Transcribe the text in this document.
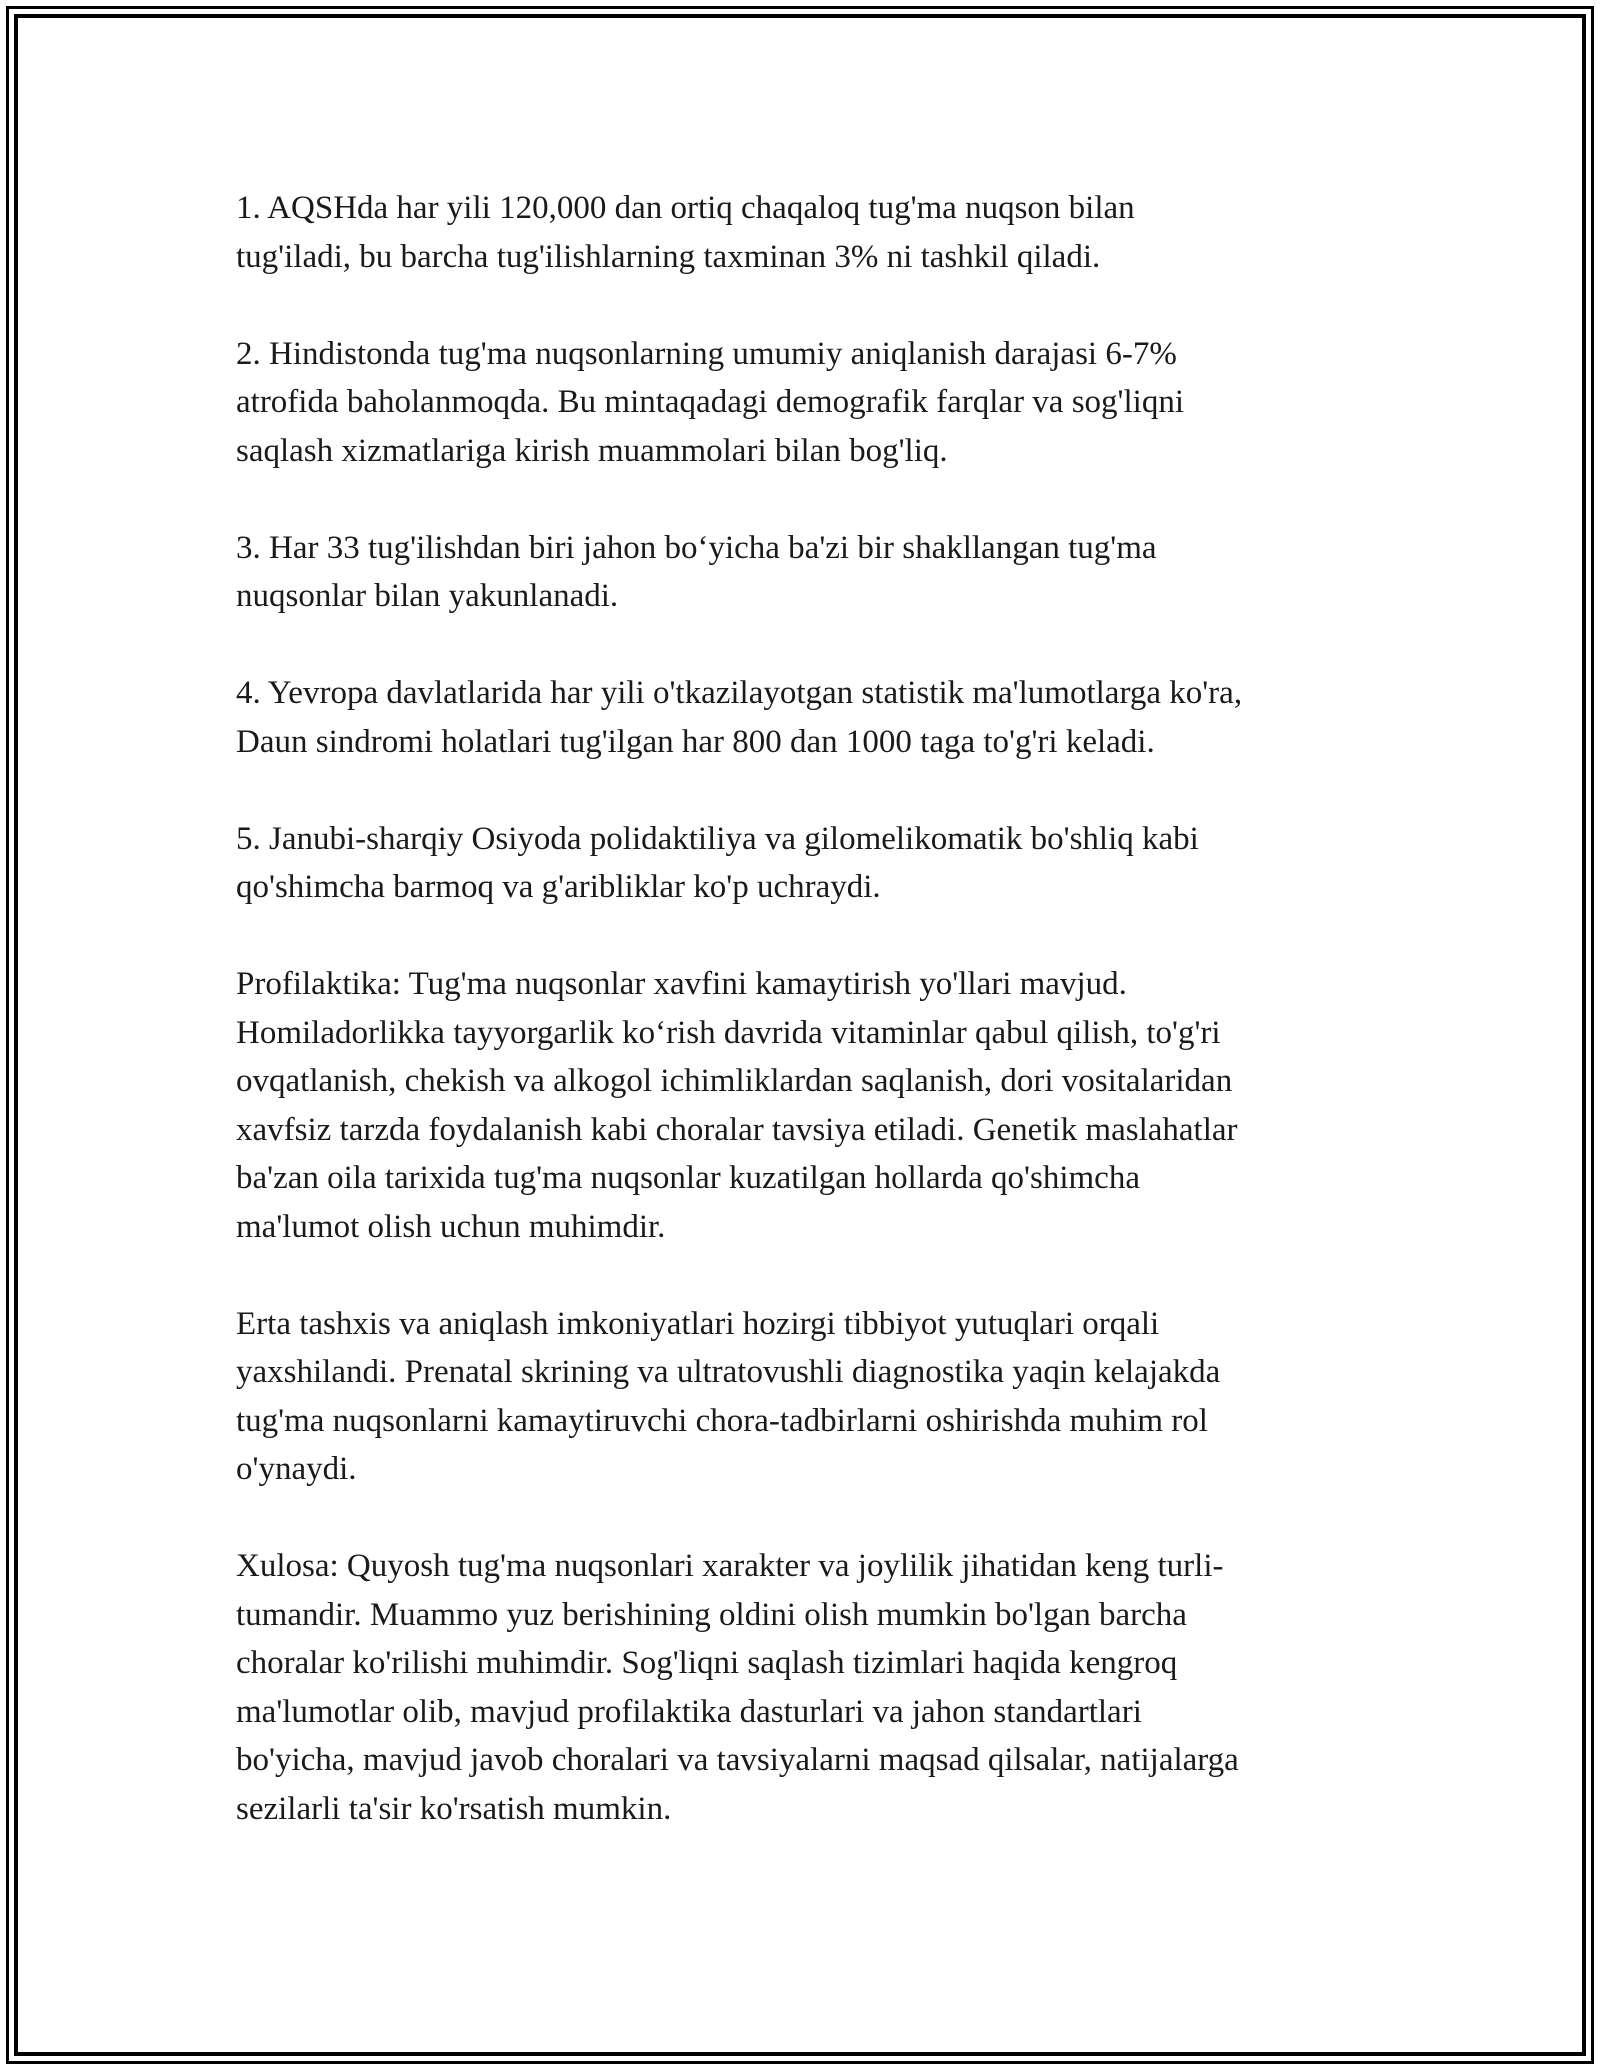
1. AQSHda har yili 120,000 dan ortiq chaqaloq tug'ma nuqson bilan
tug'iladi, bu barcha tug'ilishlarning taxminan 3% ni tashkil qiladi.

2. Hindistonda tug'ma nuqsonlarning umumiy aniqlanish darajasi 6-7%
atrofida baholanmoqda. Bu mintaqadagi demografik farqlar va sog'liqni
saqlash xizmatlariga kirish muammolari bilan bog'liq.

3. Har 33 tug'ilishdan biri jahon bo‘yicha ba'zi bir shakllangan tug'ma
nuqsonlar bilan yakunlanadi.

4. Yevropa davlatlarida har yili o'tkazilayotgan statistik ma'lumotlarga ko'ra,
Daun sindromi holatlari tug'ilgan har 800 dan 1000 taga to'g'ri keladi.

5. Janubi-sharqiy Osiyoda polidaktiliya va gilomelikomatik bo'shliq kabi
qo'shimcha barmoq va g'aribliklar ko'p uchraydi.

Profilaktika: Tug'ma nuqsonlar xavfini kamaytirish yo'llari mavjud.
Homiladorlikka tayyorgarlik ko‘rish davrida vitaminlar qabul qilish, to'g'ri
ovqatlanish, chekish va alkogol ichimliklardan saqlanish, dori vositalaridan
xavfsiz tarzda foydalanish kabi choralar tavsiya etiladi. Genetik maslahatlar
ba'zan oila tarixida tug'ma nuqsonlar kuzatilgan hollarda qo'shimcha
ma'lumot olish uchun muhimdir.

Erta tashxis va aniqlash imkoniyatlari hozirgi tibbiyot yutuqlari orqali
yaxshilandi. Prenatal skrining va ultratovushli diagnostika yaqin kelajakda
tug'ma nuqsonlarni kamaytiruvchi chora-tadbirlarni oshirishda muhim rol
o'ynaydi.

Xulosa: Quyosh tug'ma nuqsonlari xarakter va joylilik jihatidan keng turli-
tumandir. Muammo yuz berishining oldini olish mumkin bo'lgan barcha
choralar ko'rilishi muhimdir. Sog'liqni saqlash tizimlari haqida kengroq
ma'lumotlar olib, mavjud profilaktika dasturlari va jahon standartlari
bo'yicha, mavjud javob choralari va tavsiyalarni maqsad qilsalar, natijalarga
sezilarli ta'sir ko'rsatish mumkin.
